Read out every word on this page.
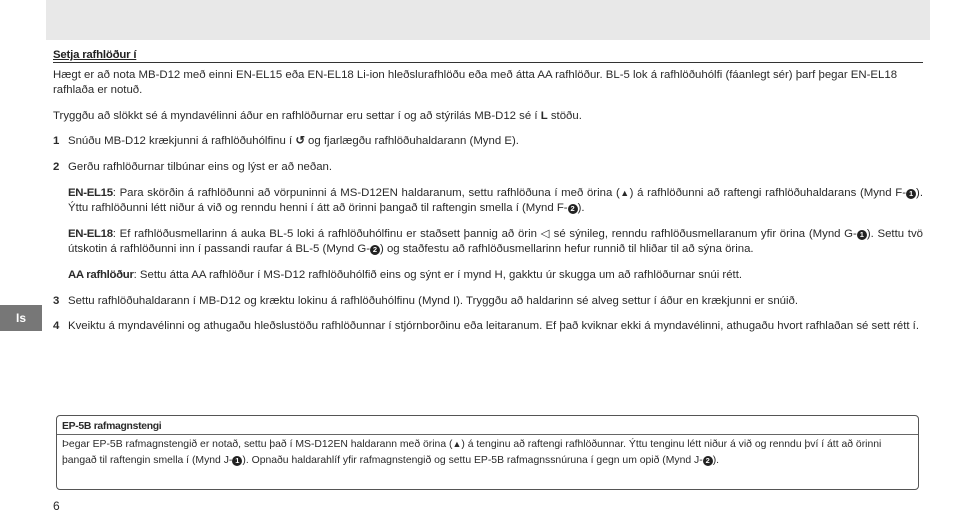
Is
Setja rafhlöður í

Hægt er að nota MB-D12 með einni EN-EL15 eða EN-EL18 Li-ion hleðslurafhlöðu eða með átta AA rafhlöður. BL-5 lok á rafhlöðuhólfi (fáanlegt sér) þarf þegar EN-EL18 rafhlaða er notuð.

Tryggðu að slökkt sé á myndavélinni áður en rafhlöðurnar eru settar í og að stýrilás MB-D12 sé í L stöðu.

1 Snúðu MB-D12 krækjunni á rafhlöðuhólfinu í ↺ og fjarlægðu rafhlöðuhaldarann (Mynd E).
2 Gerðu rafhlöðurnar tilbúnar eins og lýst er að neðan.
EN-EL15: Para skörðin á rafhlöðunni að vörpuninni á MS-D12EN haldaranum, settu rafhlöðuna í með örina (▲) á rafhlöðunni að raftengi rafhlöðuhaldarans (Mynd F- 1 ). Ýttu rafhlöðunni létt niður á við og renndu henni í átt að örinni þangað til raftengin smella í (Mynd F- 2 ).
EN-EL18: Ef rafhlöðusmellarinn á auka BL-5 loki á rafhlöðuhólfinu er staðsett þannig að örin ◁ sé sýnileg, renndu rafhlöðusmellaranum yfir örina (Mynd G- 1 ). Settu tvö útskotin á rafhlöðunni inn í passandi raufar á BL-5 (Mynd G- 2 ) og staðfestu að rafhlöðusmellarinn hefur runnið til hliðar til að sýna örina.
AA rafhlöður: Settu átta AA rafhlöður í MS-D12 rafhlöðuhólfið eins og sýnt er í mynd H, gakktu úr skugga um að rafhlöðurnar snúi rétt.
3 Settu rafhlöðuhaldarann í MB-D12 og kræktu lokinu á rafhlöðuhólfinu (Mynd I). Tryggðu að haldarinn sé alveg settur í áður en krækjunni er snúið.
4 Kveiktu á myndavélinni og athugaðu hleðslustöðu rafhlöðunnar í stjórnborðinu eða leitaranum. Ef það kviknar ekki á myndavélinni, athugaðu hvort rafhlaðan sé sett rétt í.
EP-5B rafmagnstengi
Þegar EP-5B rafmagnstengið er notað, settu það í MS-D12EN haldarann með örina (▲) á tenginu að raftengi rafhlöðunnar. Ýttu tenginu létt niður á við og renndu því í átt að örinni þangað til raftengin smella í (Mynd J- 1 ). Opnaðu haldarahlíf yfir rafmagnstengið og settu EP-5B rafmagnssnúruna í gegn um opið (Mynd J- 2 ).
6
